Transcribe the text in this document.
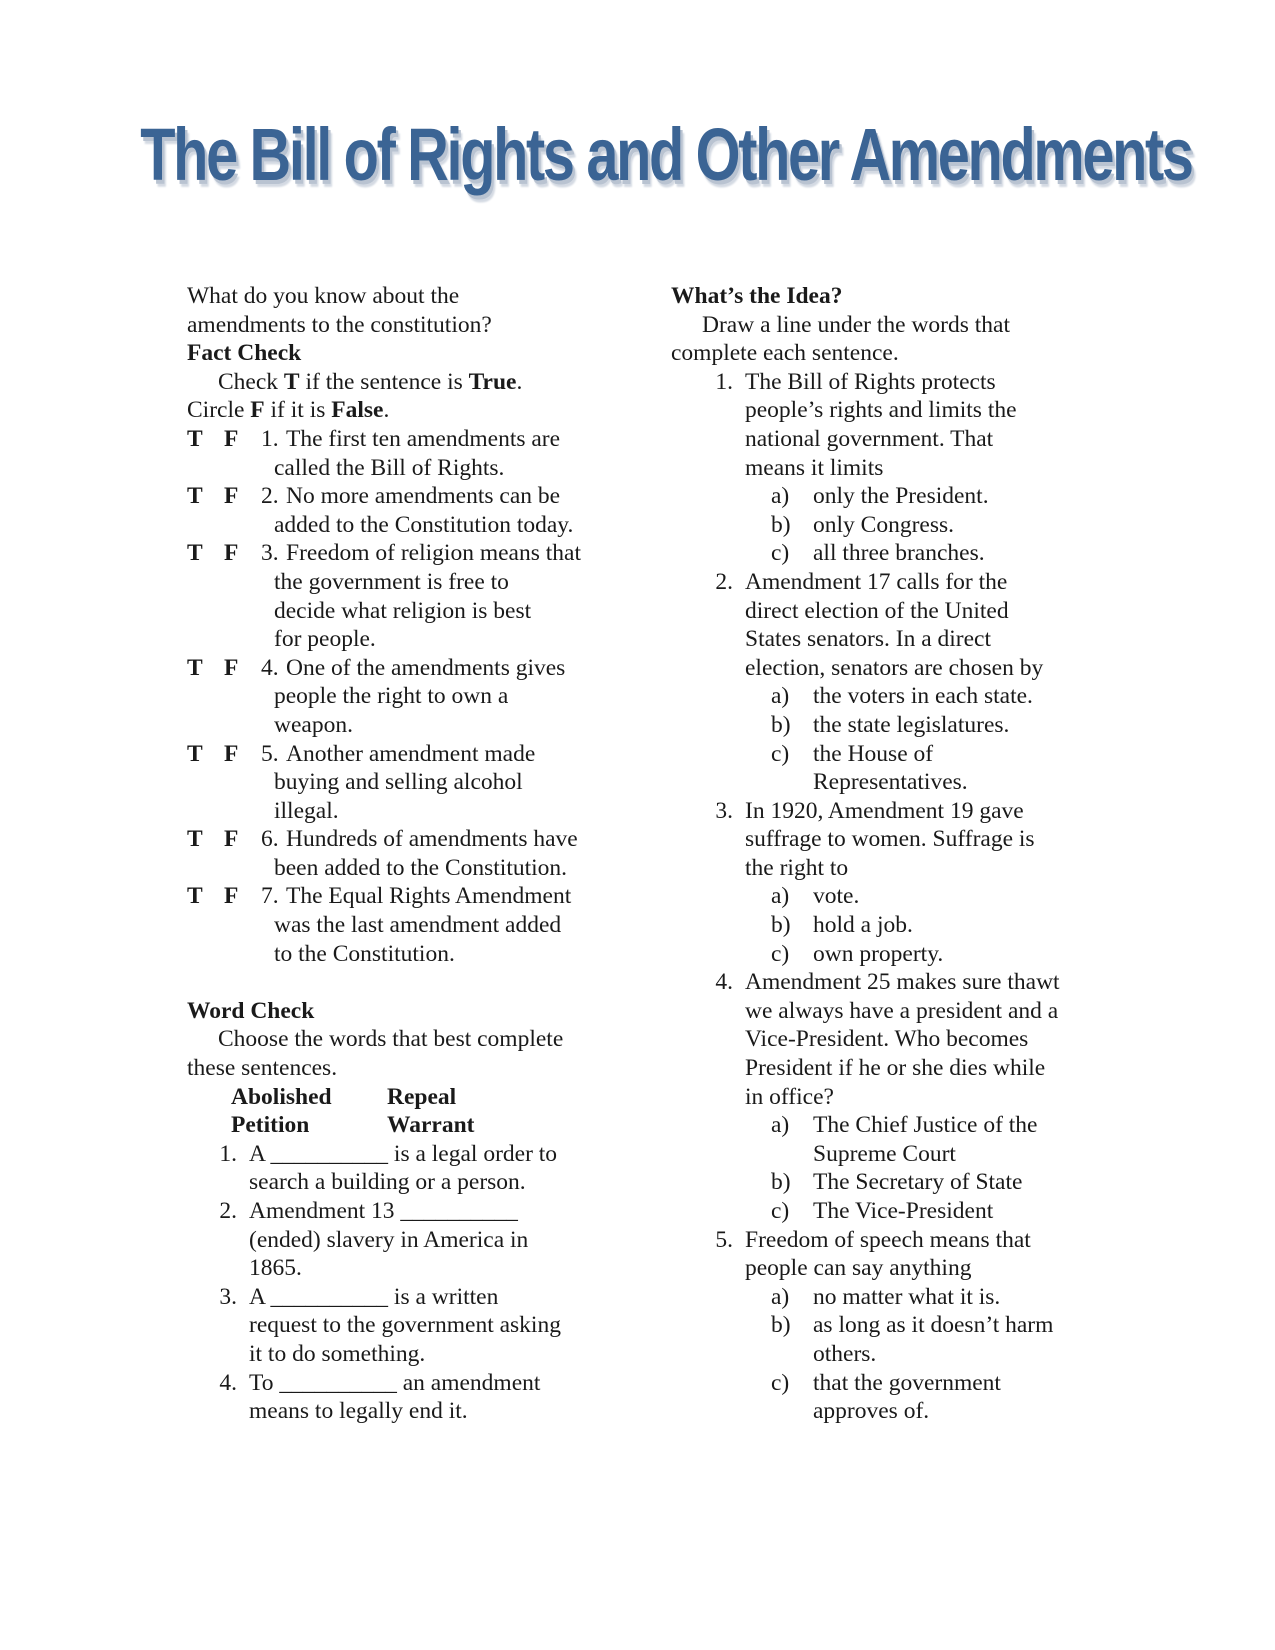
The Bill of Rights and Other Amendments
What do you know about the
amendments to the constitution?
Fact Check
Check T if the sentence is True.
Circle F if it is False.
T F 1. The first ten amendments are
called the Bill of Rights.
T F 2. No more amendments can be
added to the Constitution today.
T F 3. Freedom of religion means that
the government is free to
decide what religion is best
for people.
T F 4. One of the amendments gives
people the right to own a
weapon.
T F 5. Another amendment made
buying and selling alcohol
illegal.
T F 6. Hundreds of amendments have
been added to the Constitution.
T F 7. The Equal Rights Amendment
was the last amendment added
to the Constitution.
Word Check
Choose the words that best complete
these sentences.
Abolished	Repeal
Petition	Warrant
1. A __________ is a legal order to
search a building or a person.
2. Amendment 13 __________
(ended) slavery in America in
1865.
3. A __________ is a written
request to the government asking
it to do something.
4. To __________ an amendment
means to legally end it.
What’s the Idea?
Draw a line under the words that
complete each sentence.
1. The Bill of Rights protects
people’s rights and limits the
national government. That
means it limits
a)	only the President.
b) only Congress.
c)	all three branches.
2. Amendment 17 calls for the
direct election of the United
States senators. In a direct
election, senators are chosen by
a)	the voters in each state.
b) the state legislatures.
c)	the House of
Representatives.
3. In 1920, Amendment 19 gave
suffrage to women. Suffrage is
the right to
a)	vote.
b) hold a job.
c)	own property.
4. Amendment 25 makes sure thawt
we always have a president and a
Vice-President. Who becomes
President if he or she dies while
in office?
a)	The Chief Justice of the
Supreme Court
b) The Secretary of State
c)	The Vice-President
5. Freedom of speech means that
people can say anything
a)	no matter what it is.
b) as long as it doesn’t harm
others.
c)	that the government
approves of.
